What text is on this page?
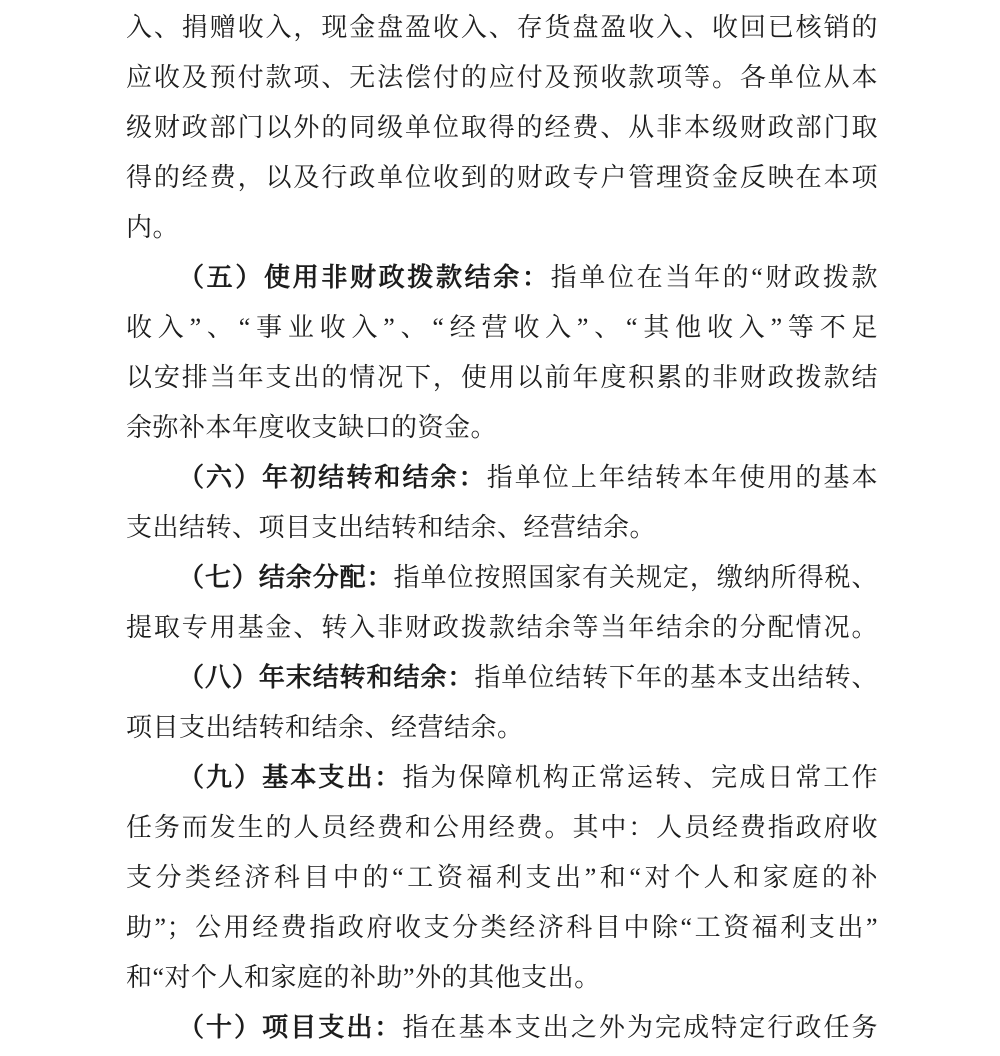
入、捐赠收入，现金盘盈收入、存货盘盈收入、收回已核销的
应收及预付款项、无法偿付的应付及预收款项等。各单位从本
级财政部门以外的同级单位取得的经费、从非本级财政部门取
得的经费，以及行政单位收到的财政专户管理资金反映在本项
内。
（五）使用非财政拨款结余：指单位在当年的“财政拨款
收入”、“事业收入”、“经营收入”、“其他收入”等不足
以安排当年支出的情况下，使用以前年度积累的非财政拨款结
余弥补本年度收支缺口的资金。
（六）年初结转和结余：指单位上年结转本年使用的基本
支出结转、项目支出结转和结余、经营结余。
（七）结余分配：指单位按照国家有关规定，缴纳所得税、
提取专用基金、转入非财政拨款结余等当年结余的分配情况。
（八）年末结转和结余：指单位结转下年的基本支出结转、
项目支出结转和结余、经营结余。
（九）基本支出：指为保障机构正常运转、完成日常工作
任务而发生的人员经费和公用经费。其中：人员经费指政府收
支分类经济科目中的“工资福利支出”和“对个人和家庭的补
助”；公用经费指政府收支分类经济科目中除“工资福利支出”
和“对个人和家庭的补助”外的其他支出。
（十）项目支出：指在基本支出之外为完成特定行政任务
